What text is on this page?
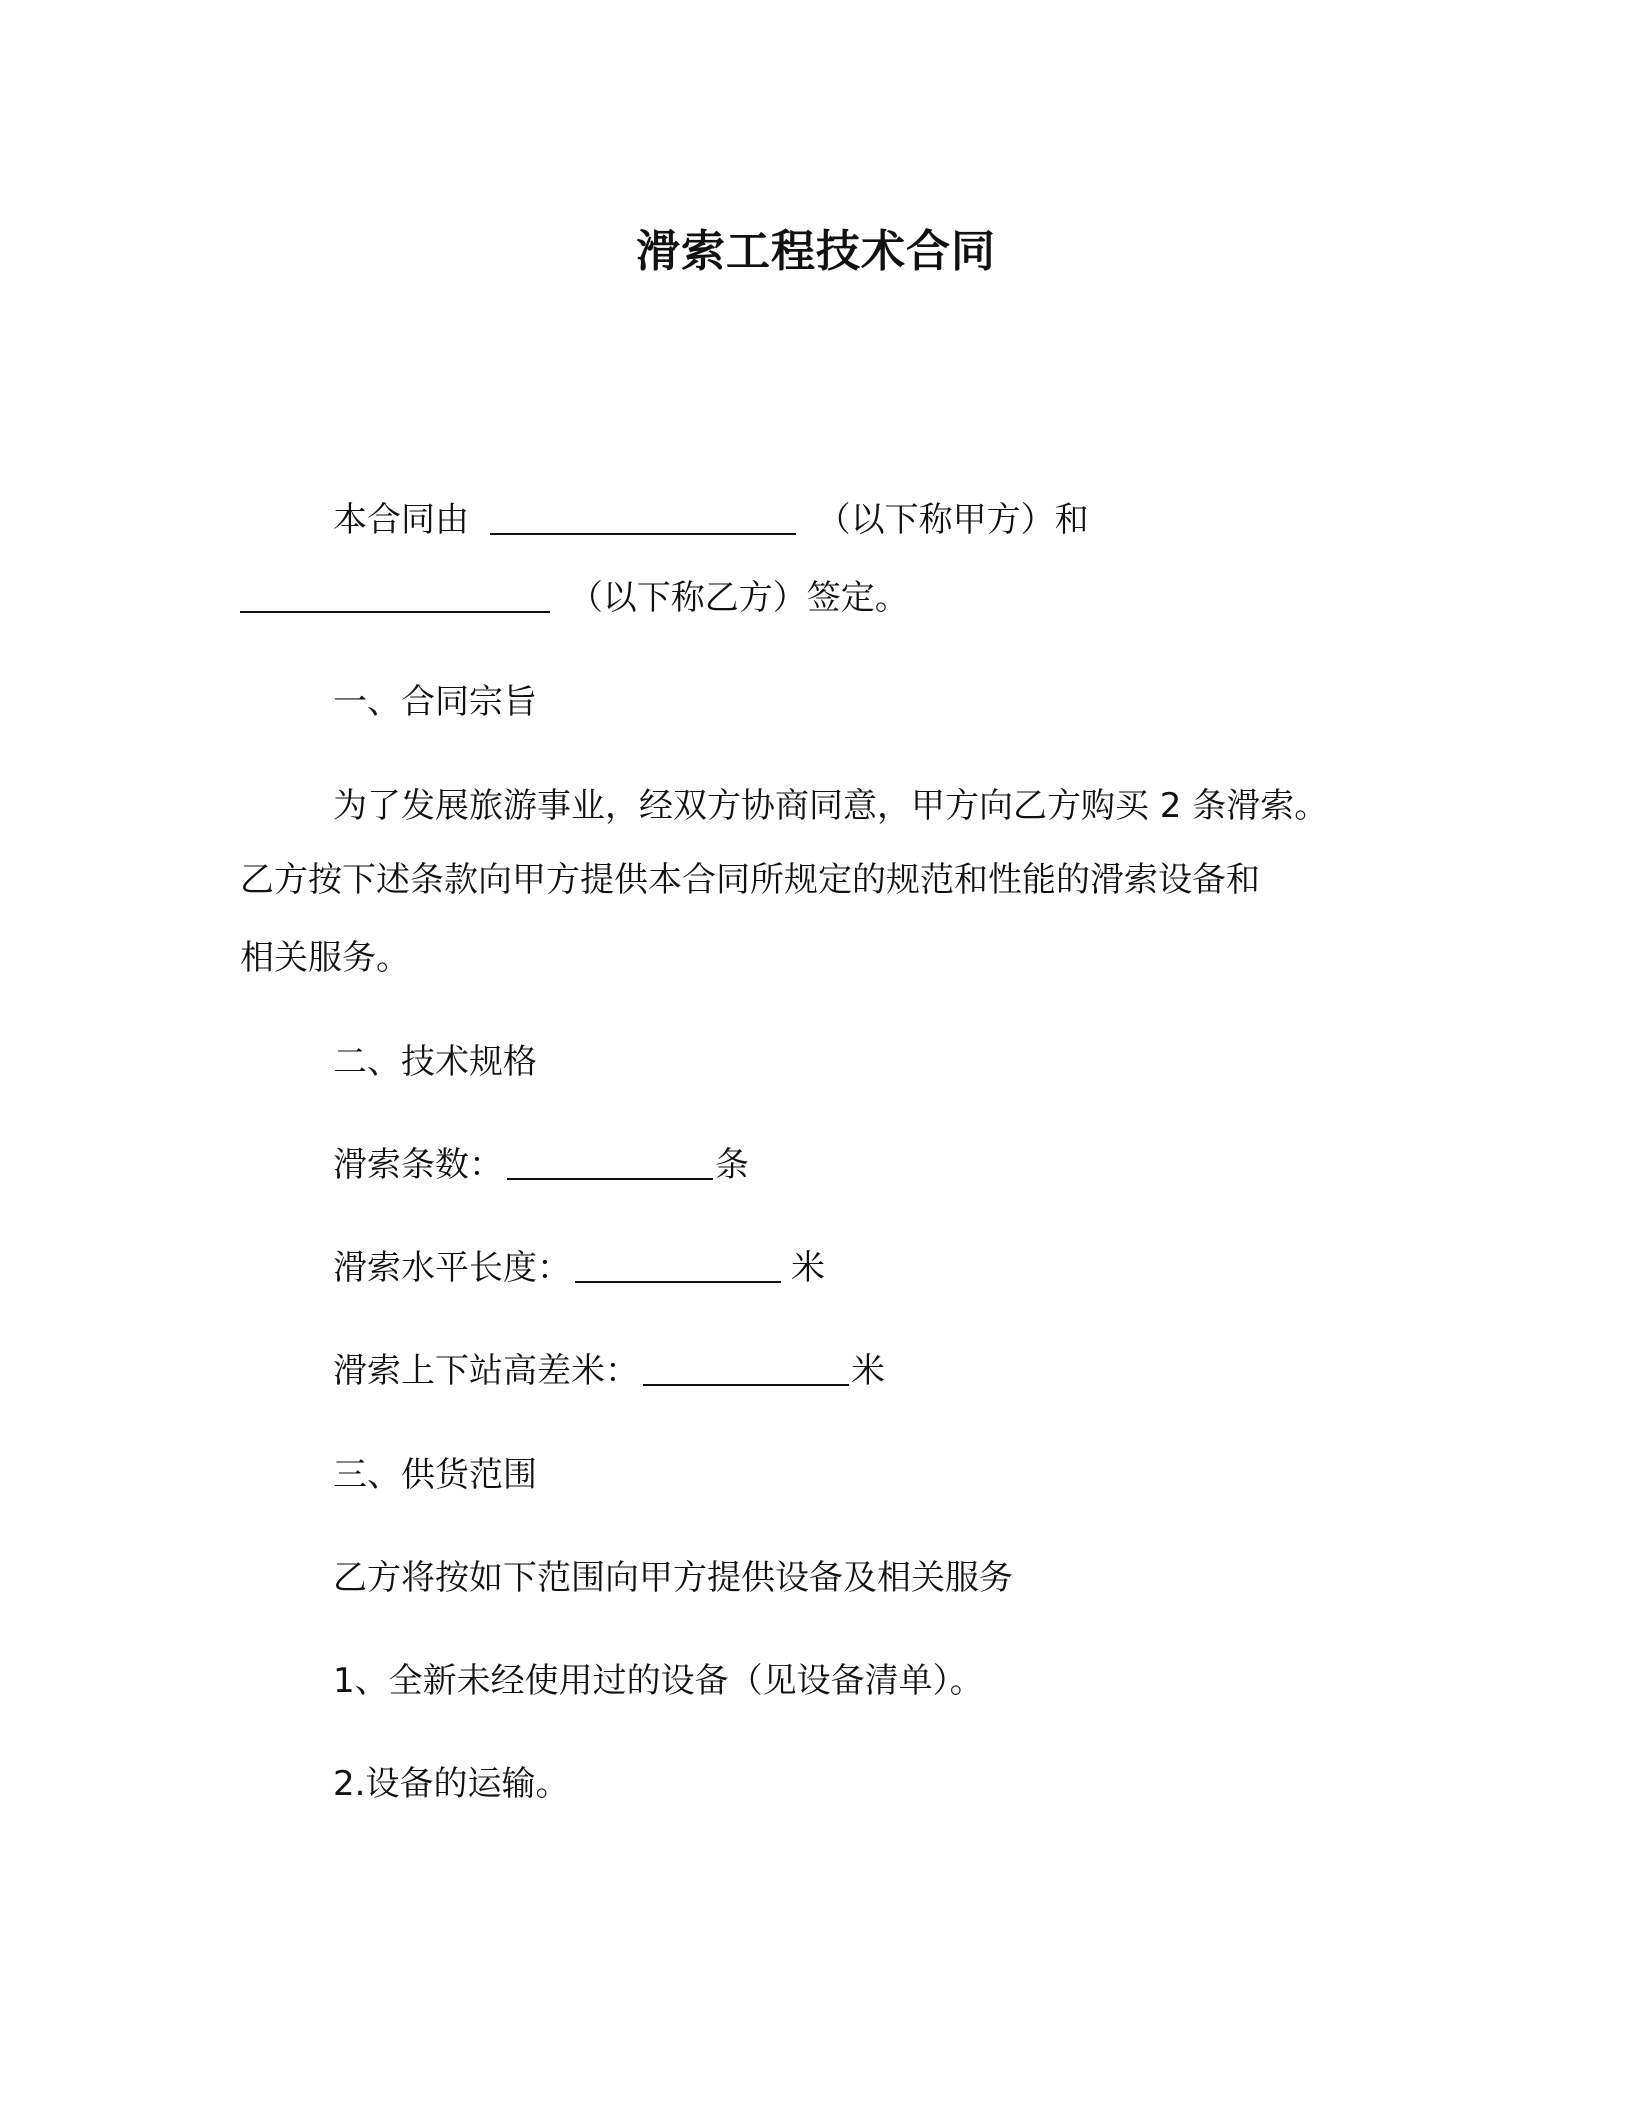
滑索工程技术合同
本合同由	（以下称甲方）和
（以下称乙方）签定。
一、合同宗旨
为了发展旅游事业，经双方协商同意，甲方向乙方购买 2 条滑索。
乙方按下述条款向甲方提供本合同所规定的规范和性能的滑索设备和
相关服务。
二、技术规格
滑索条数：	条
滑索水平长度：	米
滑索上下站高差米：	米
三、供货范围
乙方将按如下范围向甲方提供设备及相关服务
1、全新未经使用过的设备（见设备清单）。
2.设备的运输。
